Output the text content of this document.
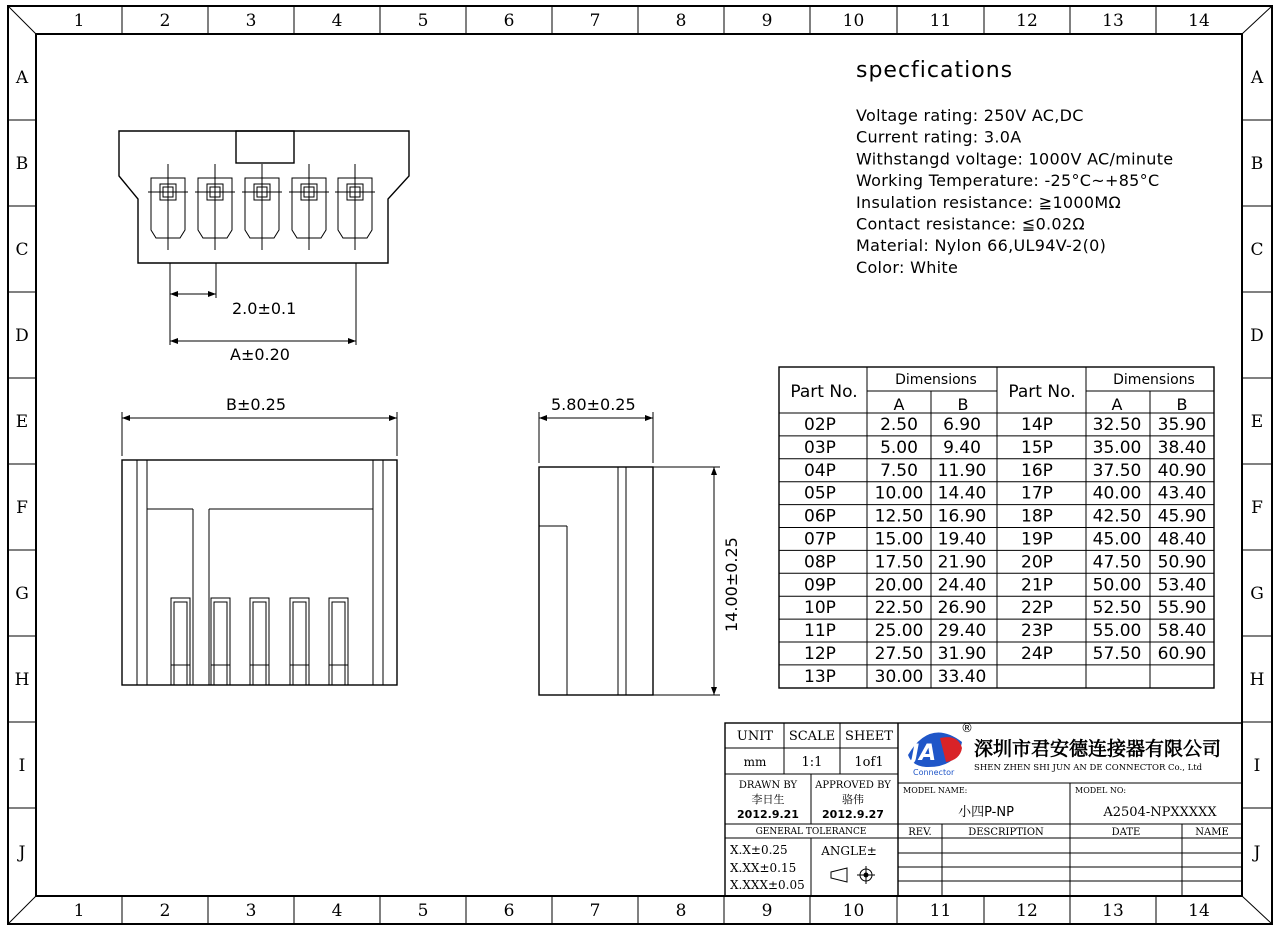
1
1
2
2
3
3
4
4
5
5
6
6
7
7
8
8
9
9
10
10
11
11
12
12
13
13
14
14
A	A
B	B
C	C
D	D
E	E
F	F
G	G
H	H
I	I
J	J
2.0±0.1
A±0.20
B±0.25	5.80±0.25
14.00±0.25
specfications
Voltage rating: 250V AC,DC
Current rating: 3.0A
Withstangd voltage: 1000V AC/minute
Working Temperature: -25°C~+85°C
Insulation resistance: ≧1000MΩ
Contact resistance: ≦0.02Ω
Material: Nylon 66,UL94V-2(0)
Color: White
Part No.
Dimensions
A	B
Part No.
Dimensions
A	B
02P	2.50 6.90
03P	5.00 9.40
04P	7.50 11.90
05P 10.00 14.40
06P 12.50 16.90
07P 15.00 19.40
08P 17.50 21.90
09P 20.00 24.40
10P 22.50 26.90
11P 25.00 29.40
12P 27.50 31.90
13P 30.00 33.40
14P 32.50 35.90
15P 35.00 38.40
16P 37.50 40.90
17P 40.00 43.40
18P 42.50 45.90
19P 45.00 48.40
20P 47.50 50.90
21P 50.00 53.40
22P 52.50 55.90
23P 55.00 58.40
24P 57.50 60.90
UNIT SCALE SHEET
mm	1:1 1of1
DRAWN BY
李日生
2012.9.21
APPROVED BY
骆伟
2012.9.27
GENERAL TOLERANCE
X.X±0.25
X.XX±0.15
X.XXX±0.05
ANGLE±
JA
Connector
®
深圳市君安德连接器有限公司
SHEN ZHEN SHI JUN AN DE CONNECTOR Co., Ltd
MODEL NAME:
小四P-NP
MODEL NO:
A2504-NPXXXXX
REV.	DESCRIPTION	DATE	NAME
